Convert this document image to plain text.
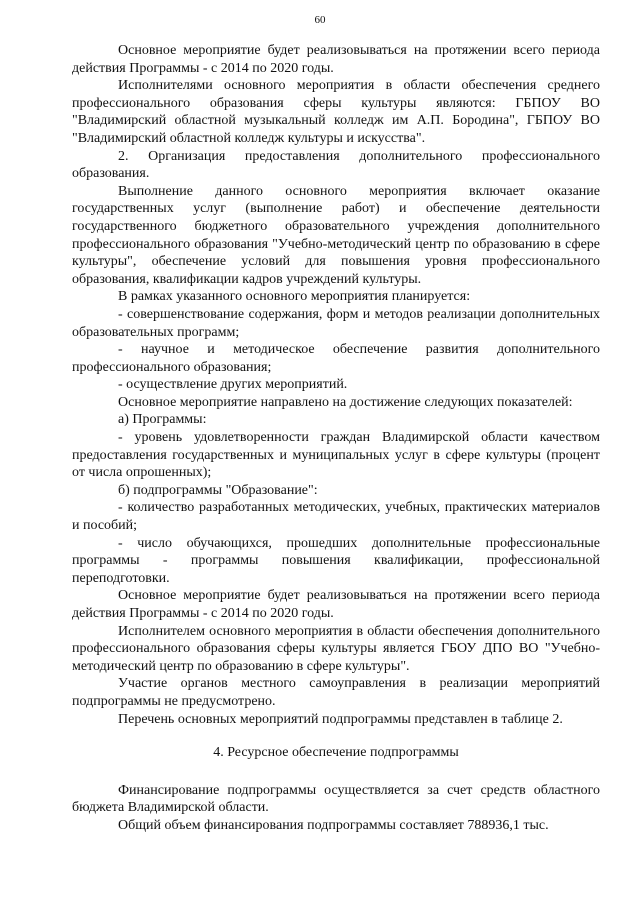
60

Основное мероприятие будет реализовываться на протяжении всего периода действия Программы - с 2014 по 2020 годы.

Исполнителями основного мероприятия в области обеспечения среднего профессионального образования сферы культуры являются: ГБПОУ ВО "Владимирский областной музыкальный колледж им А.П. Бородина", ГБПОУ ВО "Владимирский областной колледж культуры и искусства".

2. Организация предоставления дополнительного профессионального образования.

Выполнение данного основного мероприятия включает оказание государственных услуг (выполнение работ) и обеспечение деятельности государственного бюджетного образовательного учреждения дополнительного профессионального образования "Учебно-методический центр по образованию в сфере культуры", обеспечение условий для повышения уровня профессионального образования, квалификации кадров учреждений культуры.

В рамках указанного основного мероприятия планируется:

- совершенствование содержания, форм и методов реализации дополнительных образовательных программ;

- научное и методическое обеспечение развития дополнительного профессионального образования;

- осуществление других мероприятий.

Основное мероприятие направлено на достижение следующих показателей:

а) Программы:

- уровень удовлетворенности граждан Владимирской области качеством предоставления государственных и муниципальных услуг в сфере культуры (процент от числа опрошенных);

б) подпрограммы "Образование":

- количество разработанных методических, учебных, практических материалов и пособий;

- число обучающихся, прошедших дополнительные профессиональные программы - программы повышения квалификации, профессиональной переподготовки.

Основное мероприятие будет реализовываться на протяжении всего периода действия Программы - с 2014 по 2020 годы.

Исполнителем основного мероприятия в области обеспечения дополнительного профессионального образования сферы культуры является ГБОУ ДПО ВО "Учебно-методический центр по образованию в сфере культуры".

Участие органов местного самоуправления в реализации мероприятий подпрограммы не предусмотрено.

Перечень основных мероприятий подпрограммы представлен в таблице 2.

4. Ресурсное обеспечение подпрограммы

Финансирование подпрограммы осуществляется за счет средств областного бюджета Владимирской области.

Общий объем финансирования подпрограммы составляет 788936,1 тыс.
